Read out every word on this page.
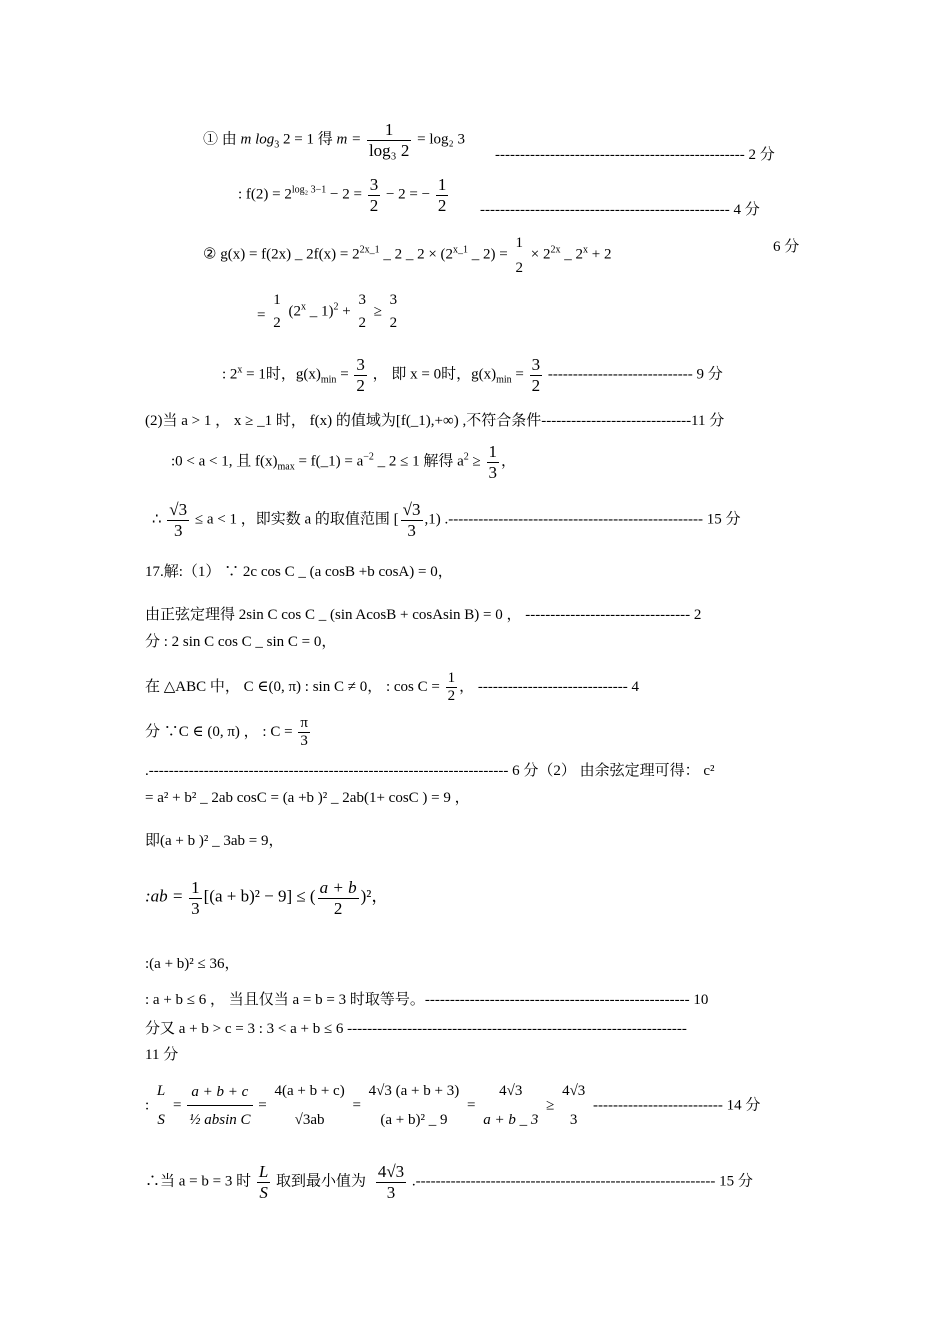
① 由 m $\log_3 2 = 1$ 得 $m = \frac{1}{\text{log₃ 2}} = \log_2$ 3
-------------------------------------------------- 2 分
: $f(2) = 2^{log_2 3-1} - 2 = \frac{3}{2} - 2$ = − $\frac{1}{2}$ -------------------------------------------------- 4 分
② g(x) = f(2x) _ $2f(x) = 2^{2x\_1}$ _ 2 _ $2 \times (2^{x\_1}$ _ 2) =
1
2
× $2^{2x}$ _ $2^x + 2$	6 分
=
1
2
(2$^x$ _ 1)$^2$ +
3
2
≥
3
2
: $2^x = 1$时，$g(x)_{min} = \frac{3}{2}$ ， 即 x = 0时，$g(x)_{min} = \frac{3}{2}$ ----------------------------- 9 分
(2)当 a > 1 ， x ≥ _1 时， f(x) 的值域为[f(_1),+∞) ,不符合条件------------------------------11 分
:0 < a < 1, 且 $f(x)_{max}$ = f(_1) = $a^{-2}$ _ 2 ≤ 1 解得 $a^2 \ge \frac{1}{3}$ ，
∴ $\frac{√3}{3} \le a < 1$ ，即实数 a 的取值范围 [ $\frac{√3}{3} ,1$) .--------------------------------------------------- 15 分
17.解:（1） ∵ 2c cos C _ (a cosB +b cosA) = 0，
由正弦定理得 2sin C cos C _ (sin AcosB + cosAsin B) = 0 ， --------------------------------- 2
分 : 2 sin C cos C _ sin C = 0，
在 △ABC 中， C ∈(0, π) : sin C ≠ 0， : $\cos C = \frac{1}{2}$ ， ------------------------------ 4
分 ∵C ∈ (0, π) ， : $C = \frac{\pi}{3}$
.------------------------------------------------------------------------ 6 分（2） 由余弦定理可得： c²
= a² + b² _ 2ab cosC = (a +b )² _ 2ab(1+ cosC ) = 9 ，
即(a + b )² _ 3ab = 9，
:ab = $\frac{1}{3} [(a + b)^2 - 9]$ ≤ ( $\frac{a + b}{2} )^2$，
:(a + b)² ≤ 36，
: a + b ≤ 6 ， 当且仅当 a = b = 3 时取等号。----------------------------------------------------- 10
分又 a + b > c = 3 : 3 < a + b ≤ 6 --------------------------------------------------------------------
11 分
:
L
S
= $\frac{a + b + c}{\text{½ absin C}}$ =
4(a + b + c)
√3ab
=
4√3 (a + b + 3)
(a + b)² _ 9
=
4√3
a + b _ 3
≥
4√3
3
-------------------------- 14 分
∴当 a = b = 3 时 $\frac{L}{S}$ 取到最小值为 $\frac{4√3}{3}$ .------------------------------------------------------------ 15 分
